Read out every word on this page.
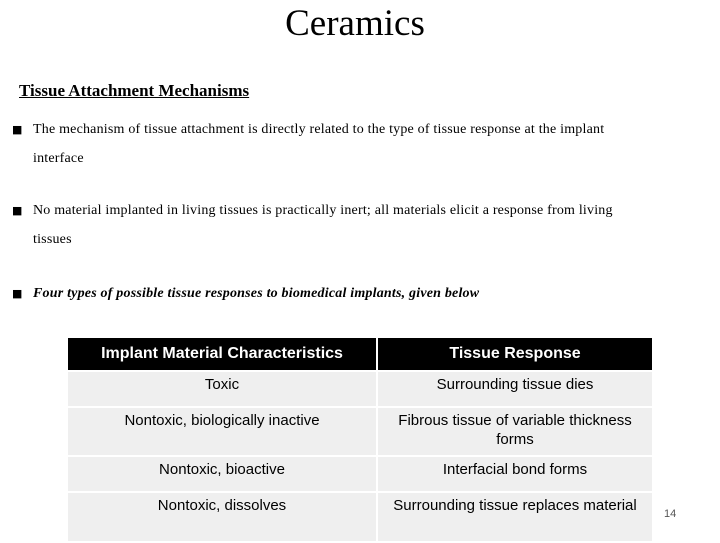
Ceramics
Tissue Attachment Mechanisms
■ The mechanism of tissue attachment is directly related to the type of tissue response at the implant interface
■ No material implanted in living tissues is practically inert; all materials elicit a response from living tissues
■ Four types of possible tissue responses to biomedical implants, given below
Implant Material Characteristics	Tissue Response
Toxic	Surrounding tissue dies
Nontoxic, biologically inactive	Fibrous tissue of variable thickness forms
Nontoxic, bioactive	Interfacial bond forms
Nontoxic, dissolves	Surrounding tissue replaces material 14
